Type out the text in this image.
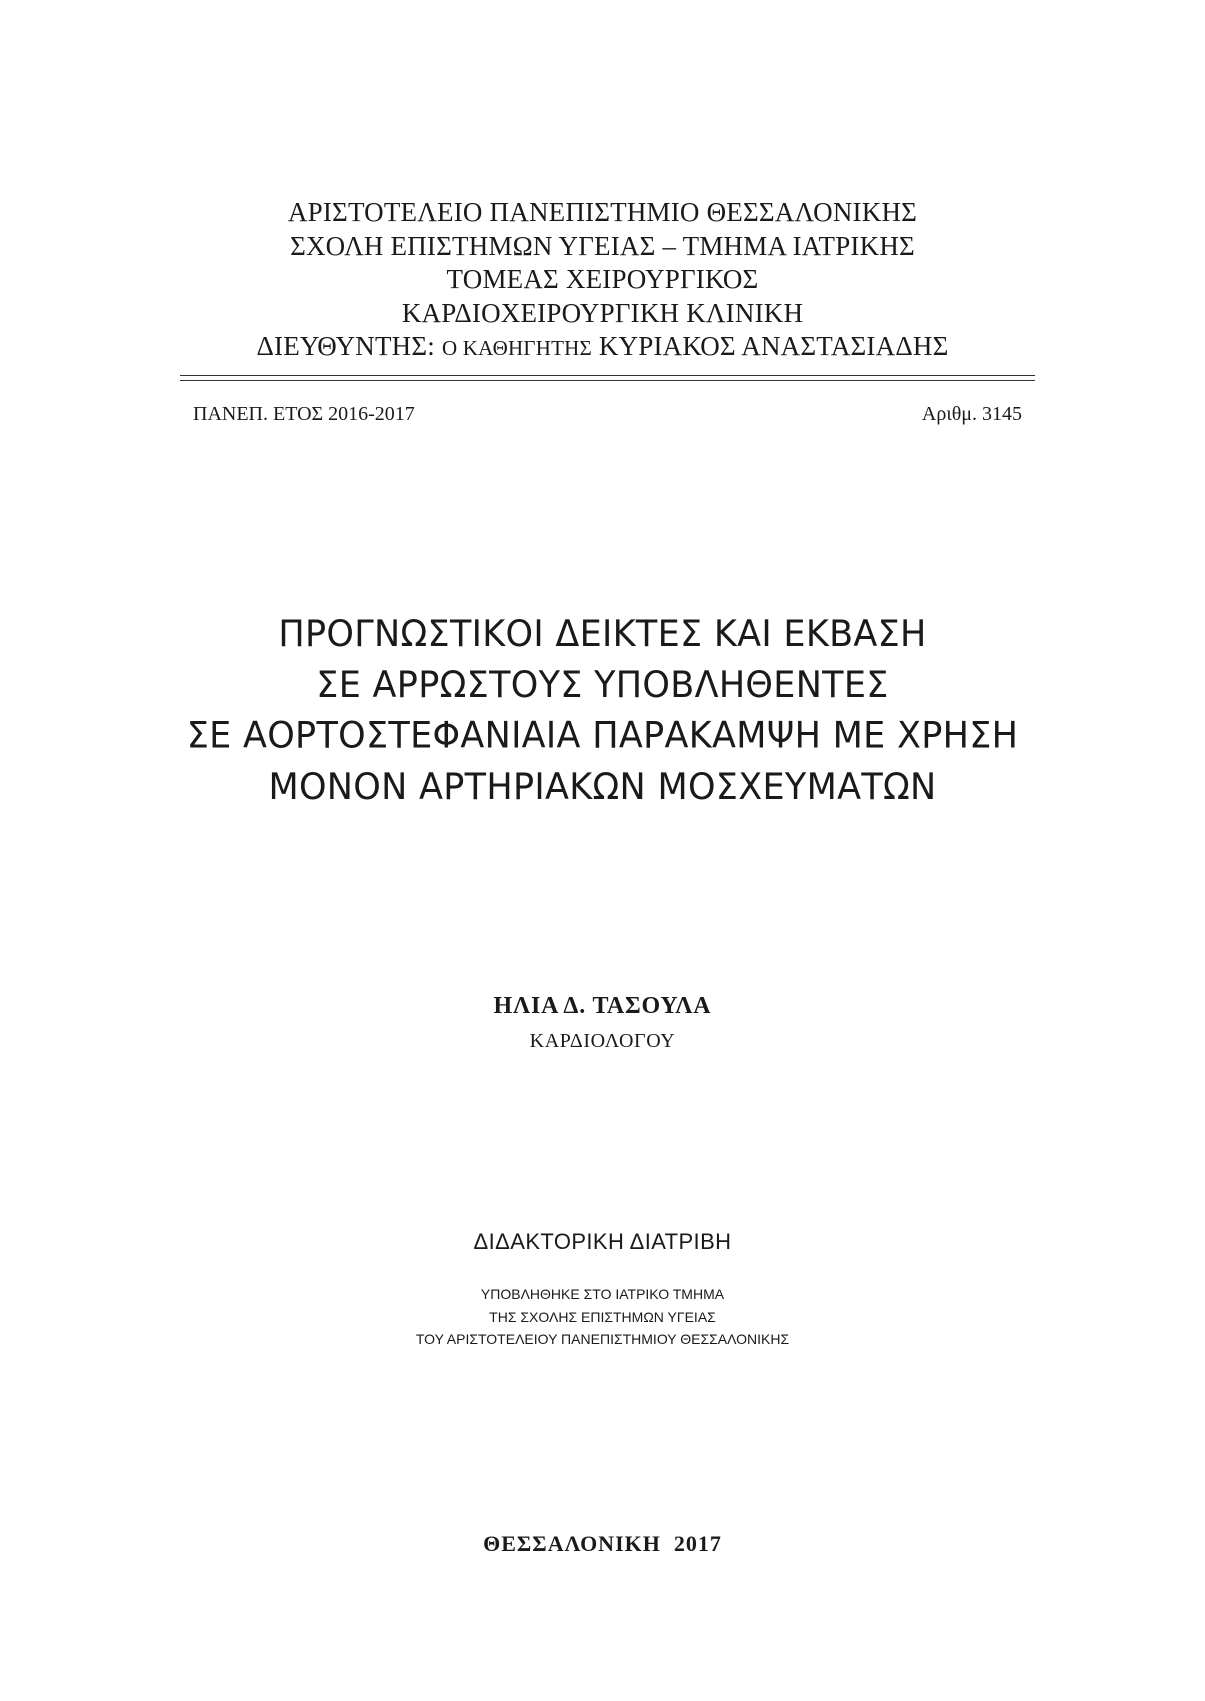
ΑΡΙΣΤΟΤΕΛΕΙΟ ΠΑΝΕΠΙΣΤΗΜΙΟ ΘΕΣΣΑΛΟΝΙΚΗΣ
ΣΧΟΛΗ ΕΠΙΣΤΗΜΩΝ ΥΓΕΙΑΣ – ΤΜΗΜΑ ΙΑΤΡΙΚΗΣ
ΤΟΜΕΑΣ ΧΕΙΡΟΥΡΓΙΚΟΣ
ΚΑΡΔΙΟΧΕΙΡΟΥΡΓΙΚΗ ΚΛΙΝΙΚΗ
ΔΙΕΥΘΥΝΤΗΣ: Ο ΚΑΘΗΓΗΤΗΣ ΚΥΡΙΑΚΟΣ ΑΝΑΣΤΑΣΙΑΔΗΣ
ΠΑΝΕΠ. ΕΤΟΣ 2016-2017	Αριθμ. 3145
ΠΡΟΓΝΩΣΤΙΚΟΙ ΔΕΙΚΤΕΣ ΚΑΙ ΕΚΒΑΣΗ
ΣΕ ΑΡΡΩΣΤΟΥΣ ΥΠΟΒΛΗΘΕΝΤΕΣ
ΣΕ ΑΟΡΤΟΣΤΕΦΑΝΙΑΙΑ ΠΑΡΑΚΑΜΨΗ ΜΕ ΧΡΗΣΗ
ΜΟΝΟΝ ΑΡΤΗΡΙΑΚΩΝ ΜΟΣΧΕΥΜΑΤΩΝ
ΗΛΙΑ Δ. ΤΑΣΟΥΛΑ
ΚΑΡΔΙΟΛΟΓΟΥ
ΔΙΔΑΚΤΟΡΙΚΗ ΔΙΑΤΡΙΒΗ
ΥΠΟΒΛΗΘΗΚΕ ΣΤΟ ΙΑΤΡΙΚΟ ΤΜΗΜΑ
ΤΗΣ ΣΧΟΛΗΣ ΕΠΙΣΤΗΜΩΝ ΥΓΕΙΑΣ
ΤΟΥ ΑΡΙΣΤΟΤΕΛΕΙΟΥ ΠΑΝΕΠΙΣΤΗΜΙΟΥ ΘΕΣΣΑΛΟΝΙΚΗΣ
ΘΕΣΣΑΛΟΝΙΚΗ 2017
